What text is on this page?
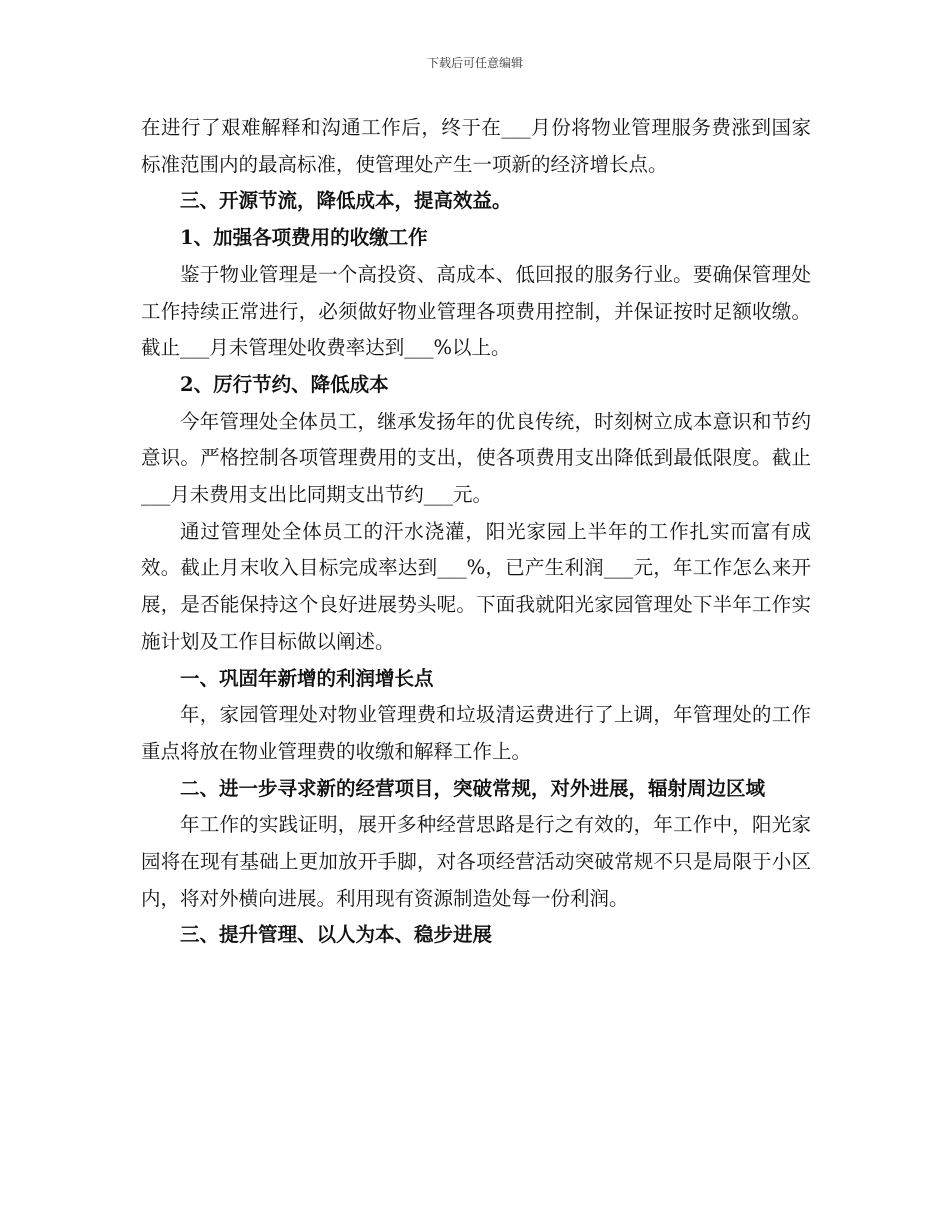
下载后可任意编辑

在进行了艰难解释和沟通工作后，终于在___月份将物业管理服务费涨到国家标准范围内的最高标准，使管理处产生一项新的经济增长点。

三、开源节流，降低成本，提高效益。
1、加强各项费用的收缴工作

鉴于物业管理是一个高投资、高成本、低回报的服务行业。要确保管理处工作持续正常进行，必须做好物业管理各项费用控制，并保证按时足额收缴。截止___月未管理处收费率达到___%以上。

2、厉行节约、降低成本

今年管理处全体员工，继承发扬年的优良传统，时刻树立成本意识和节约意识。严格控制各项管理费用的支出，使各项费用支出降低到最低限度。截止___月未费用支出比同期支出节约___元。

通过管理处全体员工的汗水浇灌，阳光家园上半年的工作扎实而富有成效。截止月末收入目标完成率达到___%，已产生利润___元，年工作怎么来开展，是否能保持这个良好进展势头呢。下面我就阳光家园管理处下半年工作实施计划及工作目标做以阐述。

一、巩固年新增的利润增长点

年，家园管理处对物业管理费和垃圾清运费进行了上调，年管理处的工作重点将放在物业管理费的收缴和解释工作上。

二、进一步寻求新的经营项目，突破常规，对外进展，辐射周边区域

年工作的实践证明，展开多种经营思路是行之有效的，年工作中，阳光家园将在现有基础上更加放开手脚，对各项经营活动突破常规不只是局限于小区内，将对外横向进展。利用现有资源制造处每一份利润。

三、提升管理、以人为本、稳步进展
